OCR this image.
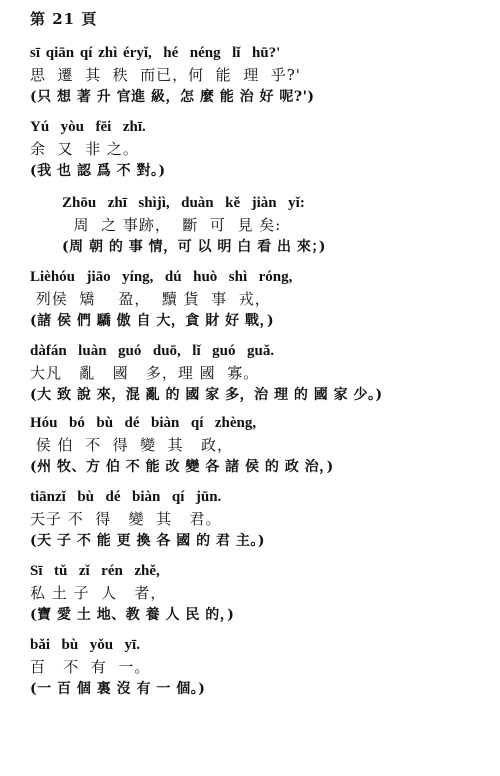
第 21 頁
sī qiān qí zhì éryǐ,  hé  néng  lǐ  hū?'
思  遷  其  秩  而已，何  能  理  乎?'
(只 想 著 升 官進 級，怎 麼 能 治 好 呢?')
Yú  yòu  fēi  zhī.
余  又  非 之。
(我 也 認 爲 不 對。)
Zhōu  zhī  shìjì,  duàn  kě  jiàn  yǐ:
周  之 事跡，  斷  可  見 矣:
(周 朝 的 事 情，可 以 明 白 看 出 來；)
Lièhóu  jiāo  yíng,  dú  huò  shì  róng,
列侯  矯    盈，  黷 貨  事  戎，
(諸 侯 們 驕 傲 自 大，貪 財 好 戰，)
dàfán  luàn  guó  duō,  lǐ  guó  guǎ.
大凡   亂   國   多，理 國  寡。
(大 致 說 來，混 亂 的 國 家 多，治 理 的 國 家 少。)
Hóu  bó  bù  dé  biàn  qí  zhèng,
侯 伯  不  得  變  其   政，
(州 牧、方 伯 不 能 改 變 各 諸 侯 的 政 治，)
tiānzǐ  bù  dé  biàn  qí  jūn.
天子 不  得   變  其   君。
(天 子 不 能 更 換 各 國 的 君 主。)
Sī  tǔ  zǐ  rén  zhě,
私 土 子  人   者，
(寶 愛 土 地、教 養 人 民 的，)
bǎi  bù  yǒu  yī.
百   不  有  一。
(一 百 個 裏 沒 有 一 個。)
